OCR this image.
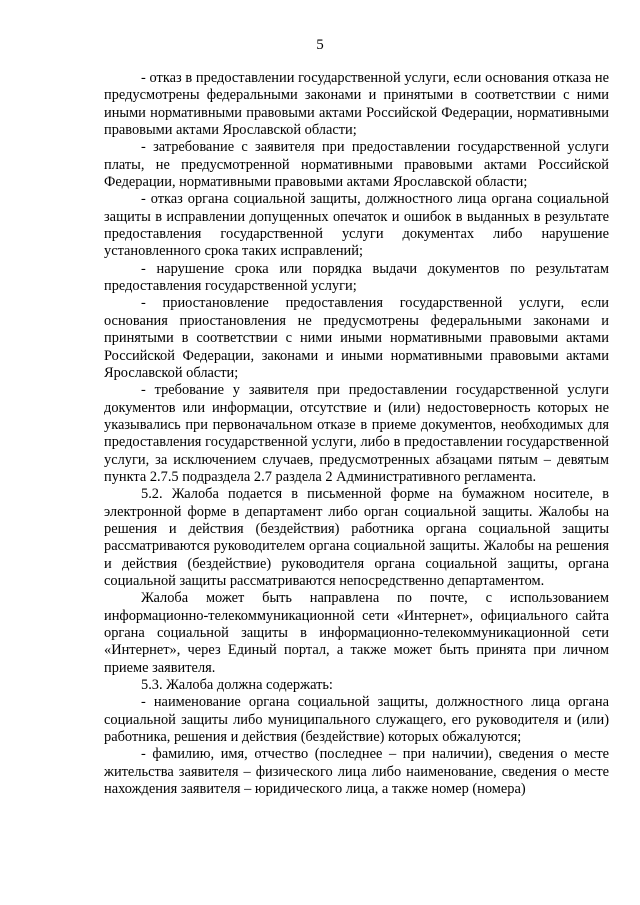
5

- отказ в предоставлении государственной услуги, если основания отказа не предусмотрены федеральными законами и принятыми в соответствии с ними иными нормативными правовыми актами Российской Федерации, нормативными правовыми актами Ярославской области;

- затребование с заявителя при предоставлении государственной услуги платы, не предусмотренной нормативными правовыми актами Российской Федерации, нормативными правовыми актами Ярославской области;

- отказ органа социальной защиты, должностного лица органа социальной защиты в исправлении допущенных опечаток и ошибок в выданных в результате предоставления государственной услуги документах либо нарушение установленного срока таких исправлений;

- нарушение срока или порядка выдачи документов по результатам предоставления государственной услуги;

- приостановление предоставления государственной услуги, если основания приостановления не предусмотрены федеральными законами и принятыми в соответствии с ними иными нормативными правовыми актами Российской Федерации, законами и иными нормативными правовыми актами Ярославской области;

- требование у заявителя при предоставлении государственной услуги документов или информации, отсутствие и (или) недостоверность которых не указывались при первоначальном отказе в приеме документов, необходимых для предоставления государственной услуги, либо в предоставлении государственной услуги, за исключением случаев, предусмотренных абзацами пятым – девятым пункта 2.7.5 подраздела 2.7 раздела 2 Административного регламента.

5.2. Жалоба подается в письменной форме на бумажном носителе, в электронной форме в департамент либо орган социальной защиты. Жалобы на решения и действия (бездействия) работника органа социальной защиты рассматриваются руководителем органа социальной защиты. Жалобы на решения и действия (бездействие) руководителя органа социальной защиты, органа социальной защиты рассматриваются непосредственно департаментом.

Жалоба может быть направлена по почте, с использованием информационно-телекоммуникационной сети «Интернет», официального сайта органа социальной защиты в информационно-телекоммуникационной сети «Интернет», через Единый портал, а также может быть принята при личном приеме заявителя.

5.3. Жалоба должна содержать:

- наименование органа социальной защиты, должностного лица органа социальной защиты либо муниципального служащего, его руководителя и (или) работника, решения и действия (бездействие) которых обжалуются;

- фамилию, имя, отчество (последнее – при наличии), сведения о месте жительства заявителя – физического лица либо наименование, сведения о месте нахождения заявителя – юридического лица, а также номер (номера)
